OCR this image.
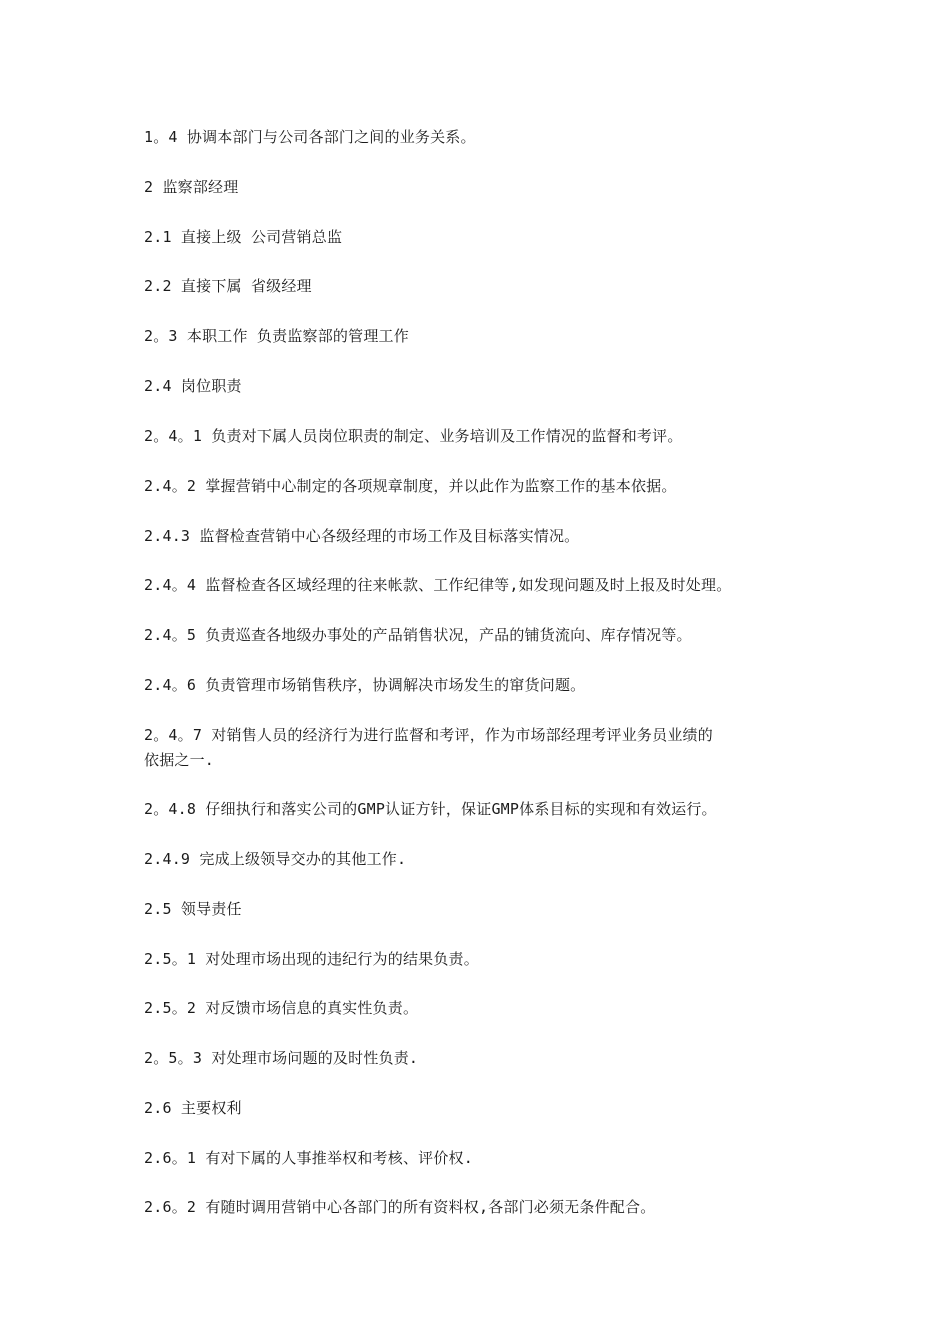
1。4 协调本部门与公司各部门之间的业务关系。
2 监察部经理
2.1 直接上级 公司营销总监
2.2 直接下属 省级经理
2。3 本职工作 负责监察部的管理工作
2.4 岗位职责
2。4。1 负责对下属人员岗位职责的制定、业务培训及工作情况的监督和考评。
2.4。2 掌握营销中心制定的各项规章制度，并以此作为监察工作的基本依据。
2.4.3 监督检查营销中心各级经理的市场工作及目标落实情况。
2.4。4 监督检查各区域经理的往来帐款、工作纪律等,如发现问题及时上报及时处理。
2.4。5 负责巡查各地级办事处的产品销售状况，产品的铺货流向、库存情况等。
2.4。6 负责管理市场销售秩序，协调解决市场发生的窜货问题。
2。4。7 对销售人员的经济行为进行监督和考评，作为市场部经理考评业务员业绩的
依据之一.
2。4.8 仔细执行和落实公司的GMP认证方针，保证GMP体系目标的实现和有效运行。
2.4.9 完成上级领导交办的其他工作.
2.5 领导责任
2.5。1 对处理市场出现的违纪行为的结果负责。
2.5。2 对反馈市场信息的真实性负责。
2。5。3 对处理市场问题的及时性负责.
2.6 主要权利
2.6。1 有对下属的人事推举权和考核、评价权.
2.6。2 有随时调用营销中心各部门的所有资料权,各部门必须无条件配合。
